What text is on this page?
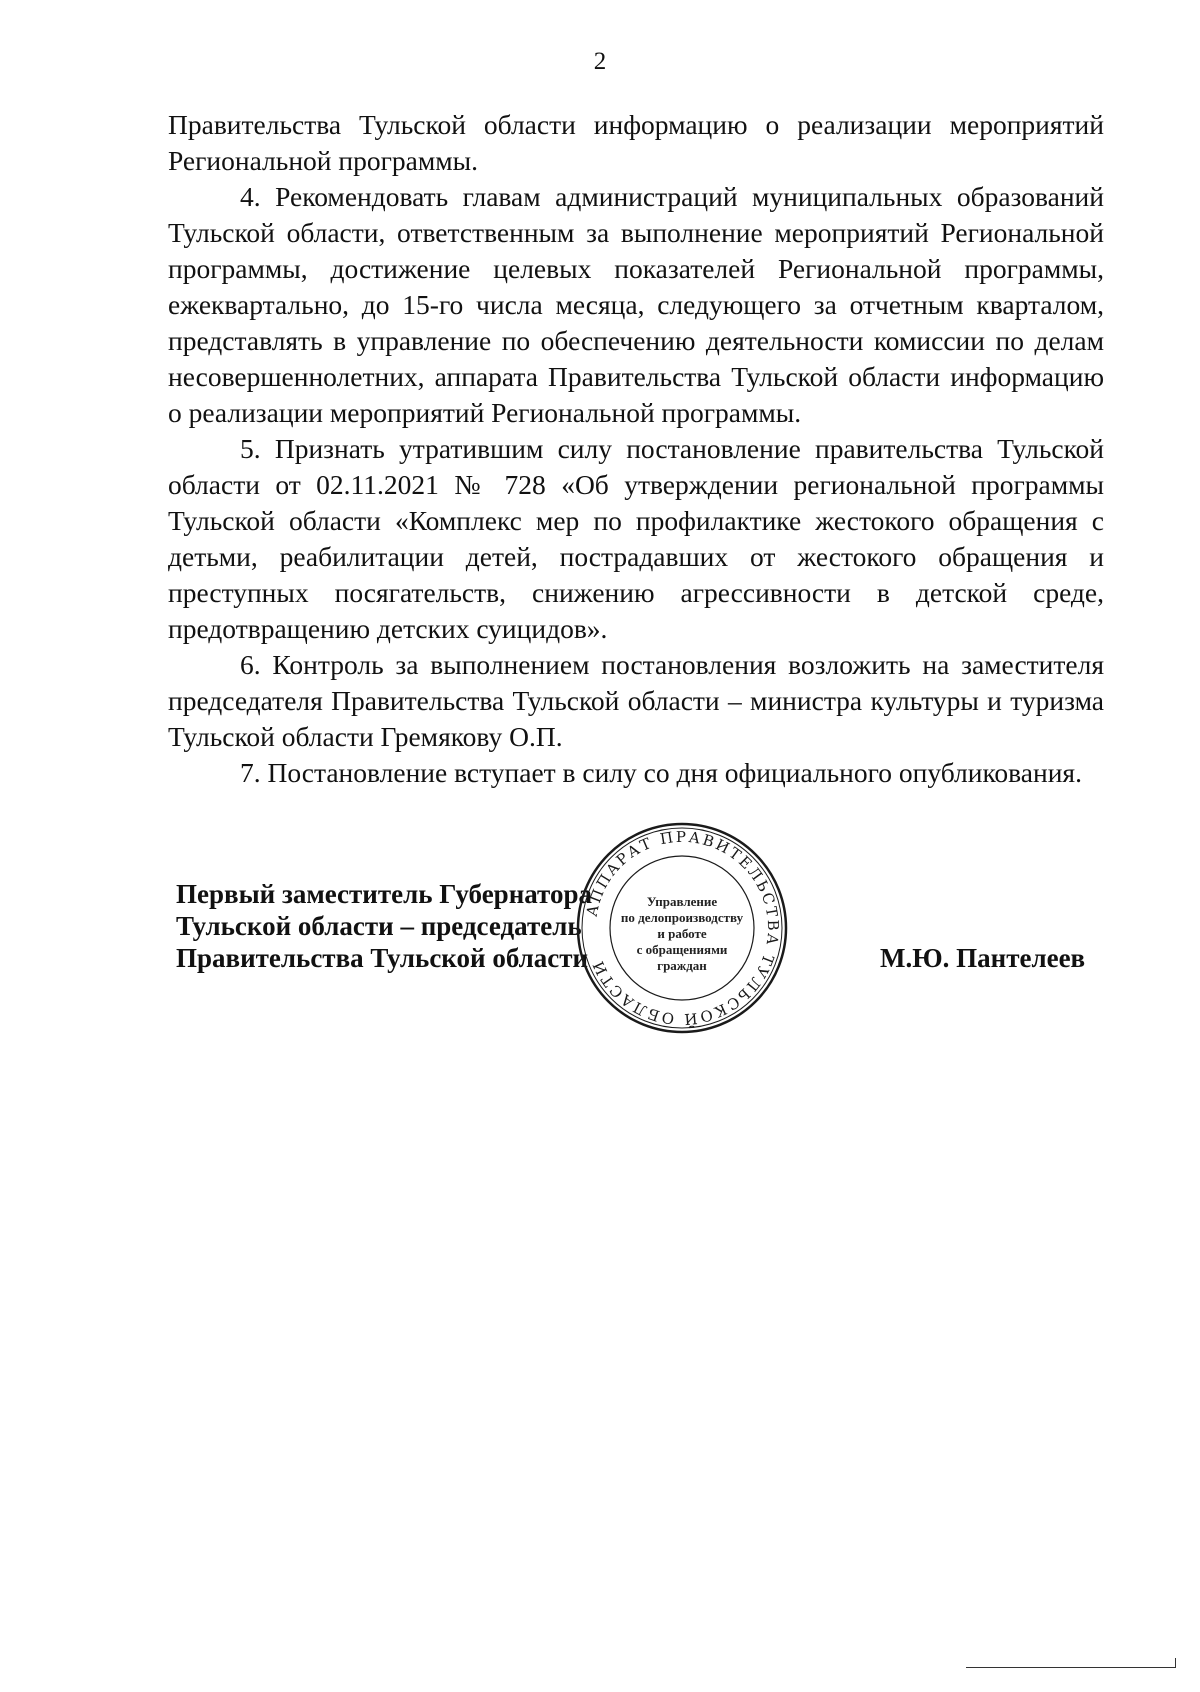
2

Правительства Тульской области информацию о реализации мероприятий Региональной программы.

4. Рекомендовать главам администраций муниципальных образований Тульской области, ответственным за выполнение мероприятий Региональной программы, достижение целевых показателей Региональной программы, ежеквартально, до 15-го числа месяца, следующего за отчетным кварталом, представлять в управление по обеспечению деятельности комиссии по делам несовершеннолетних, аппарата Правительства Тульской области информацию о реализации мероприятий Региональной программы.

5. Признать утратившим силу постановление правительства Тульской области от 02.11.2021 № 728 «Об утверждении региональной программы Тульской области «Комплекс мер по профилактике жестокого обращения с детьми, реабилитации детей, пострадавших от жестокого обращения и преступных посягательств, снижению агрессивности в детской среде, предотвращению детских суицидов».

6. Контроль за выполнением постановления возложить на заместителя председателя Правительства Тульской области – министра культуры и туризма Тульской области Гремякову О.П.

7. Постановление вступает в силу со дня официального опубликования.

Первый заместитель Губернатора
Тульской области – председатель
Правительства Тульской области
АППАРАТ ПРАВИТЕЛЬСТВА ТУЛЬСКОЙ ОБЛАСТИ
Управление
по делопроизводству
и работе
с обращениями
граждан	М.Ю. Пантелеев
